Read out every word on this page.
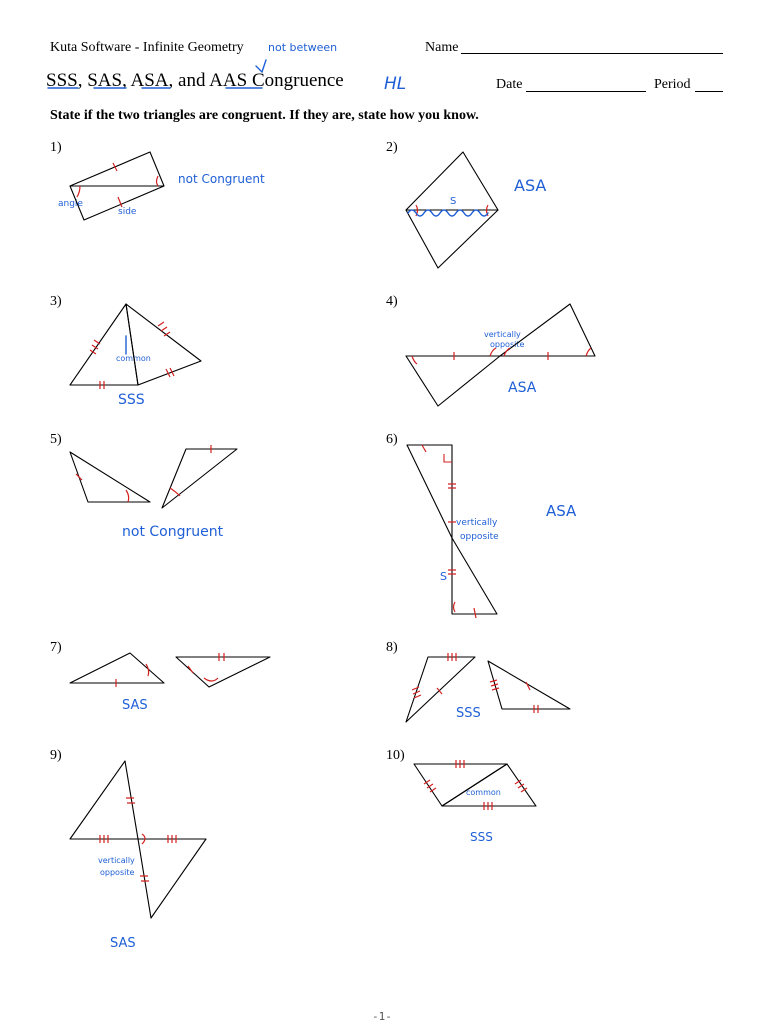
Kuta Software - Infinite Geometry	Name
SSS, SAS, ASA, and AAS Congruence	Date	Period
State if the two triangles are congruent. If they are, state how you know.
not between
HL
1)	2)
3)	4)
5)	6)
7)	8)
9)	10)
not Congruent
angle
side
ASA
S
SSS
common
ASA
vertically
opposite
not Congruent
ASA
vertically
opposite
S
SAS
SSS
SAS
vertically
opposite
SSS
common
-1-
